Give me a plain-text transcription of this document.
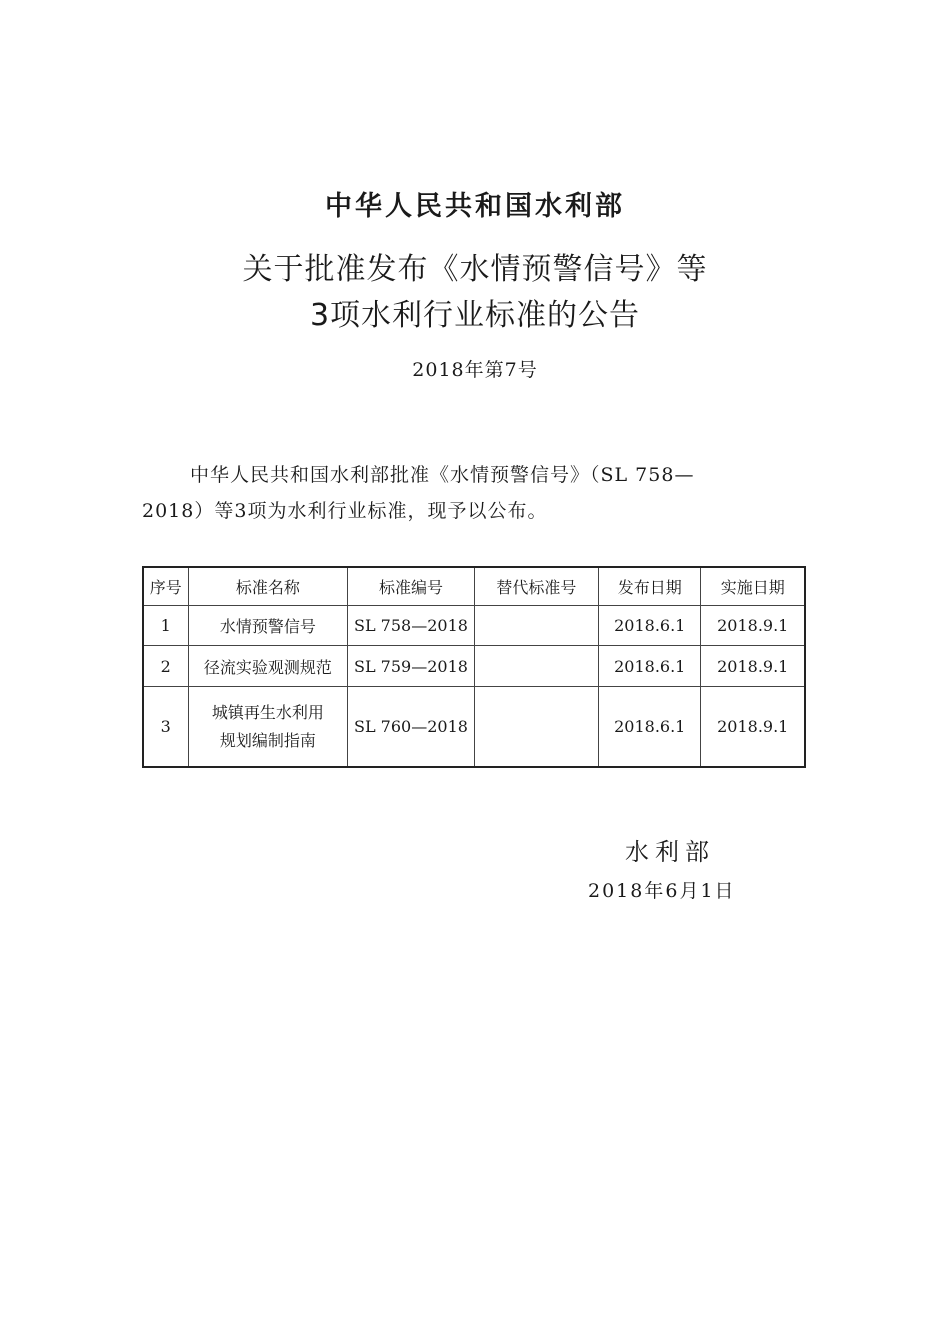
中华人民共和国水利部
关于批准发布《水情预警信号》等
3项水利行业标准的公告
2018年第7号
中华人民共和国水利部批准《水情预警信号》（SL 758—
2018）等3项为水利行业标准，现予以公布。
序号	标准名称	标准编号	替代标准号	发布日期	实施日期
1	水情预警信号	SL 758—2018		2018.6.1	2018.9.1
2	径流实验观测规范	SL 759—2018		2018.6.1	2018.9.1
3	城镇再生水利用
规划编制指南	SL 760—2018		2018.6.1	2018.9.1
水利部
2018年6月1日
